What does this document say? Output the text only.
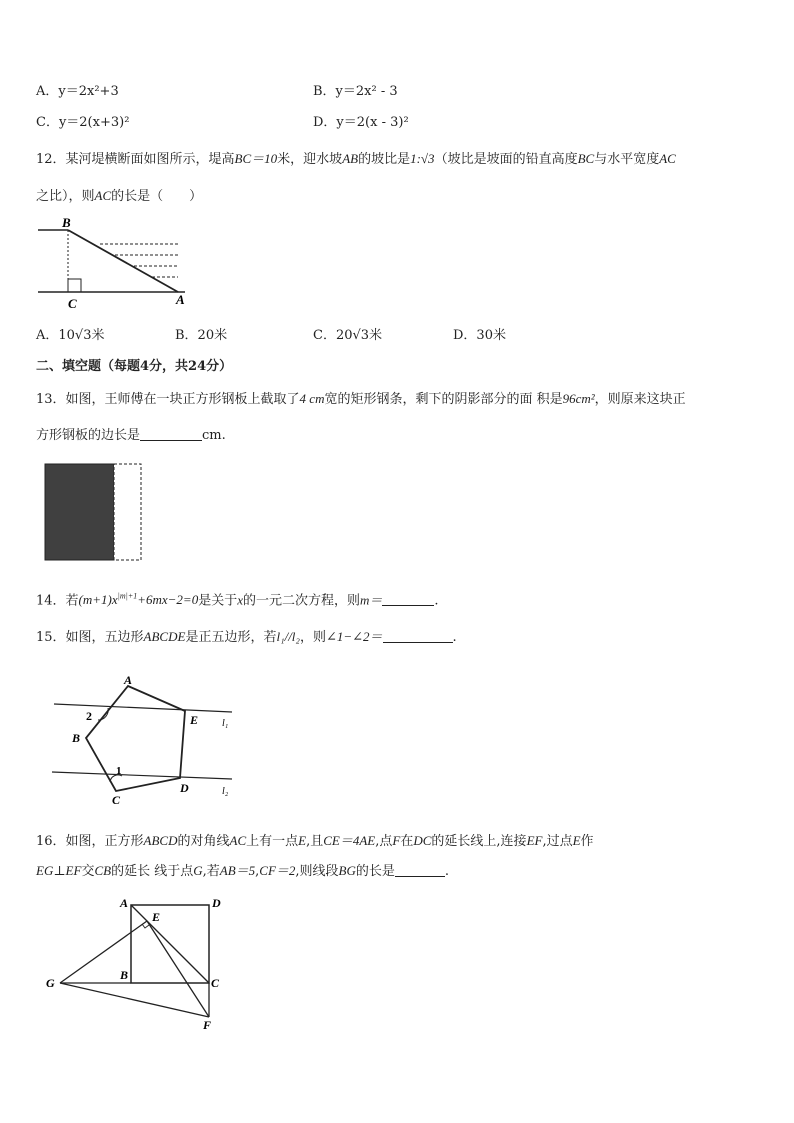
A．y＝2x²+3	B．y＝2x² - 3
C．y＝2(x+3)²	D．y＝2(x - 3)²
12．某河堤横断面如图所示，堤高BC＝10米，迎水坡AB的坡比是1:√3（坡比是坡面的铅直高度BC与水平宽度AC
之比），则AC的长是（　　）
B
C	A
A．10√3米	B．20米	C．20√3米	D．30米
二、填空题（每题4分，共24分）
13．如图，王师傅在一块正方形钢板上截取了4 cm宽的矩形钢条，剩下的阴影部分的面 积是96cm²，则原来这块正
方形钢板的边长是	cm.
14．若$(m+1)x^{|m|+1}+6mx-2=0$是关于x的一元二次方程，则m＝	.
15．如图，五边形ABCDE是正五边形，若l₁//l₂，则∠1−∠2＝	.
A
B
C
D
E l₁
l₂
1
2
16．如图，正方形ABCD的对角线AC上有一点E,且CE＝4AE,点F在DC的延长线上,连接EF,过点E作
EG⊥EF交CB的延长 线于点G,若AB＝5,CF＝2,则线段BG的长是	.
A	D
E
G
B
C
F
